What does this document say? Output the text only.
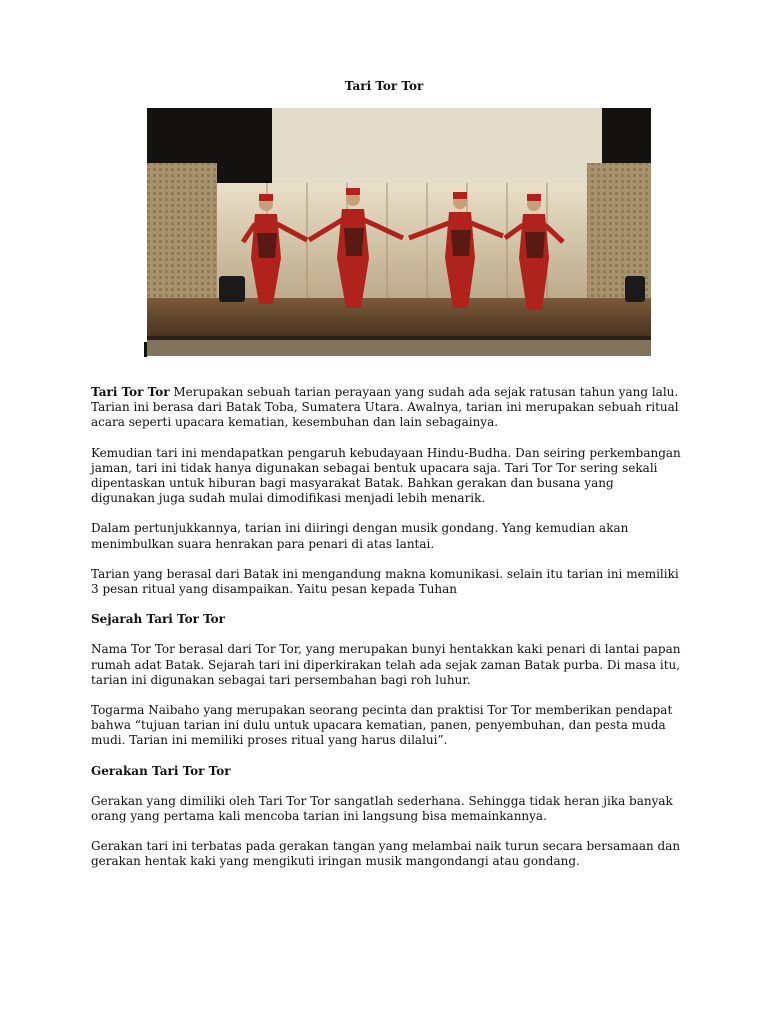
Tari Tor Tor

Tari Tor Tor Merupakan sebuah tarian perayaan yang sudah ada sejak ratusan tahun yang lalu. Tarian ini berasa dari Batak Toba, Sumatera Utara. Awalnya, tarian ini merupakan sebuah ritual acara seperti upacara kematian, kesembuhan dan lain sebagainya.

Kemudian tari ini mendapatkan pengaruh kebudayaan Hindu-Budha. Dan seiring perkembangan jaman, tari ini tidak hanya digunakan sebagai bentuk upacara saja. Tari Tor Tor sering sekali dipentaskan untuk hiburan bagi masyarakat Batak. Bahkan gerakan dan busana yang digunakan juga sudah mulai dimodifikasi menjadi lebih menarik.

Dalam pertunjukkannya, tarian ini diiringi dengan musik gondang. Yang kemudian akan menimbulkan suara henrakan para penari di atas lantai.

Tarian yang berasal dari Batak ini mengandung makna komunikasi. selain itu tarian ini memiliki 3 pesan ritual yang disampaikan. Yaitu pesan kepada Tuhan

Sejarah Tari Tor Tor

Nama Tor Tor berasal dari Tor Tor, yang merupakan bunyi hentakkan kaki penari di lantai papan rumah adat Batak. Sejarah tari ini diperkirakan telah ada sejak zaman Batak purba. Di masa itu, tarian ini digunakan sebagai tari persembahan bagi roh luhur.

Togarma Naibaho yang merupakan seorang pecinta dan praktisi Tor Tor memberikan pendapat bahwa “tujuan tarian ini dulu untuk upacara kematian, panen, penyembuhan, dan pesta muda mudi. Tarian ini memiliki proses ritual yang harus dilalui”.

Gerakan Tari Tor Tor

Gerakan yang dimiliki oleh Tari Tor Tor sangatlah sederhana. Sehingga tidak heran jika banyak orang yang pertama kali mencoba tarian ini langsung bisa memainkannya.

Gerakan tari ini terbatas pada gerakan tangan yang melambai naik turun secara bersamaan dan gerakan hentak kaki yang mengikuti iringan musik mangondangi atau gondang.
